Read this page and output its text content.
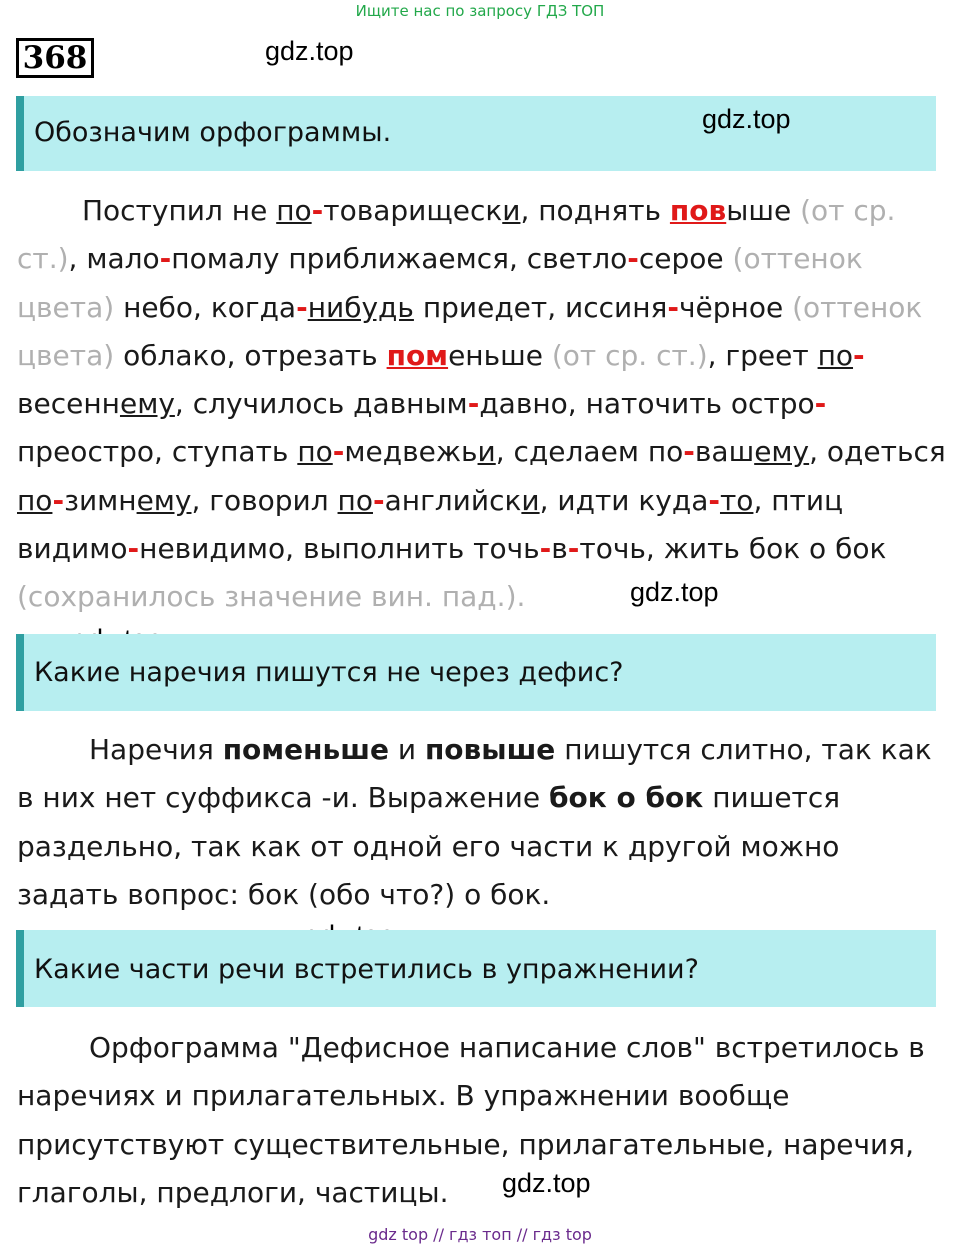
Ищите нас по запросу ГДЗ ТОП
368	gdz.top
Обозначим орфограммы.	gdz.top

Поступил не по-товарищески, поднять повыше (от ср. ст.), мало-помалу приближаемся, светло-серое (оттенок цвета) небо, когда-нибудь приедет, иссиня-чёрное (оттенок цвета) облако, отрезать поменьше (от ср. ст.), греет по-весеннему, случилось давным-давно, наточить остро-преостро, ступать по-медвежьи, сделаем по-вашему, одеться по-зимнему, говорил по-английски, идти куда-то, птиц видимо-невидимо, выполнить точь-в-точь, жить бок о бок (сохранилось значение вин. пад.).	gdz.top
Какие наречия пишутся не через дефис?

Наречия поменьше и повыше пишутся слитно, так как в них нет суффикса -и. Выражение бок о бок пишется раздельно, так как от одной его части к другой можно задать вопрос: бок (обо что?) о бок.

Какие части речи встретились в упражнении?

Орфограмма "Дефисное написание слов" встретилось в наречиях и прилагательных. В упражнении вообще присутствуют существительные, прилагательные, наречия, глаголы, предлоги, частицы.	gdz.top
gdz top // гдз топ // гдз top
